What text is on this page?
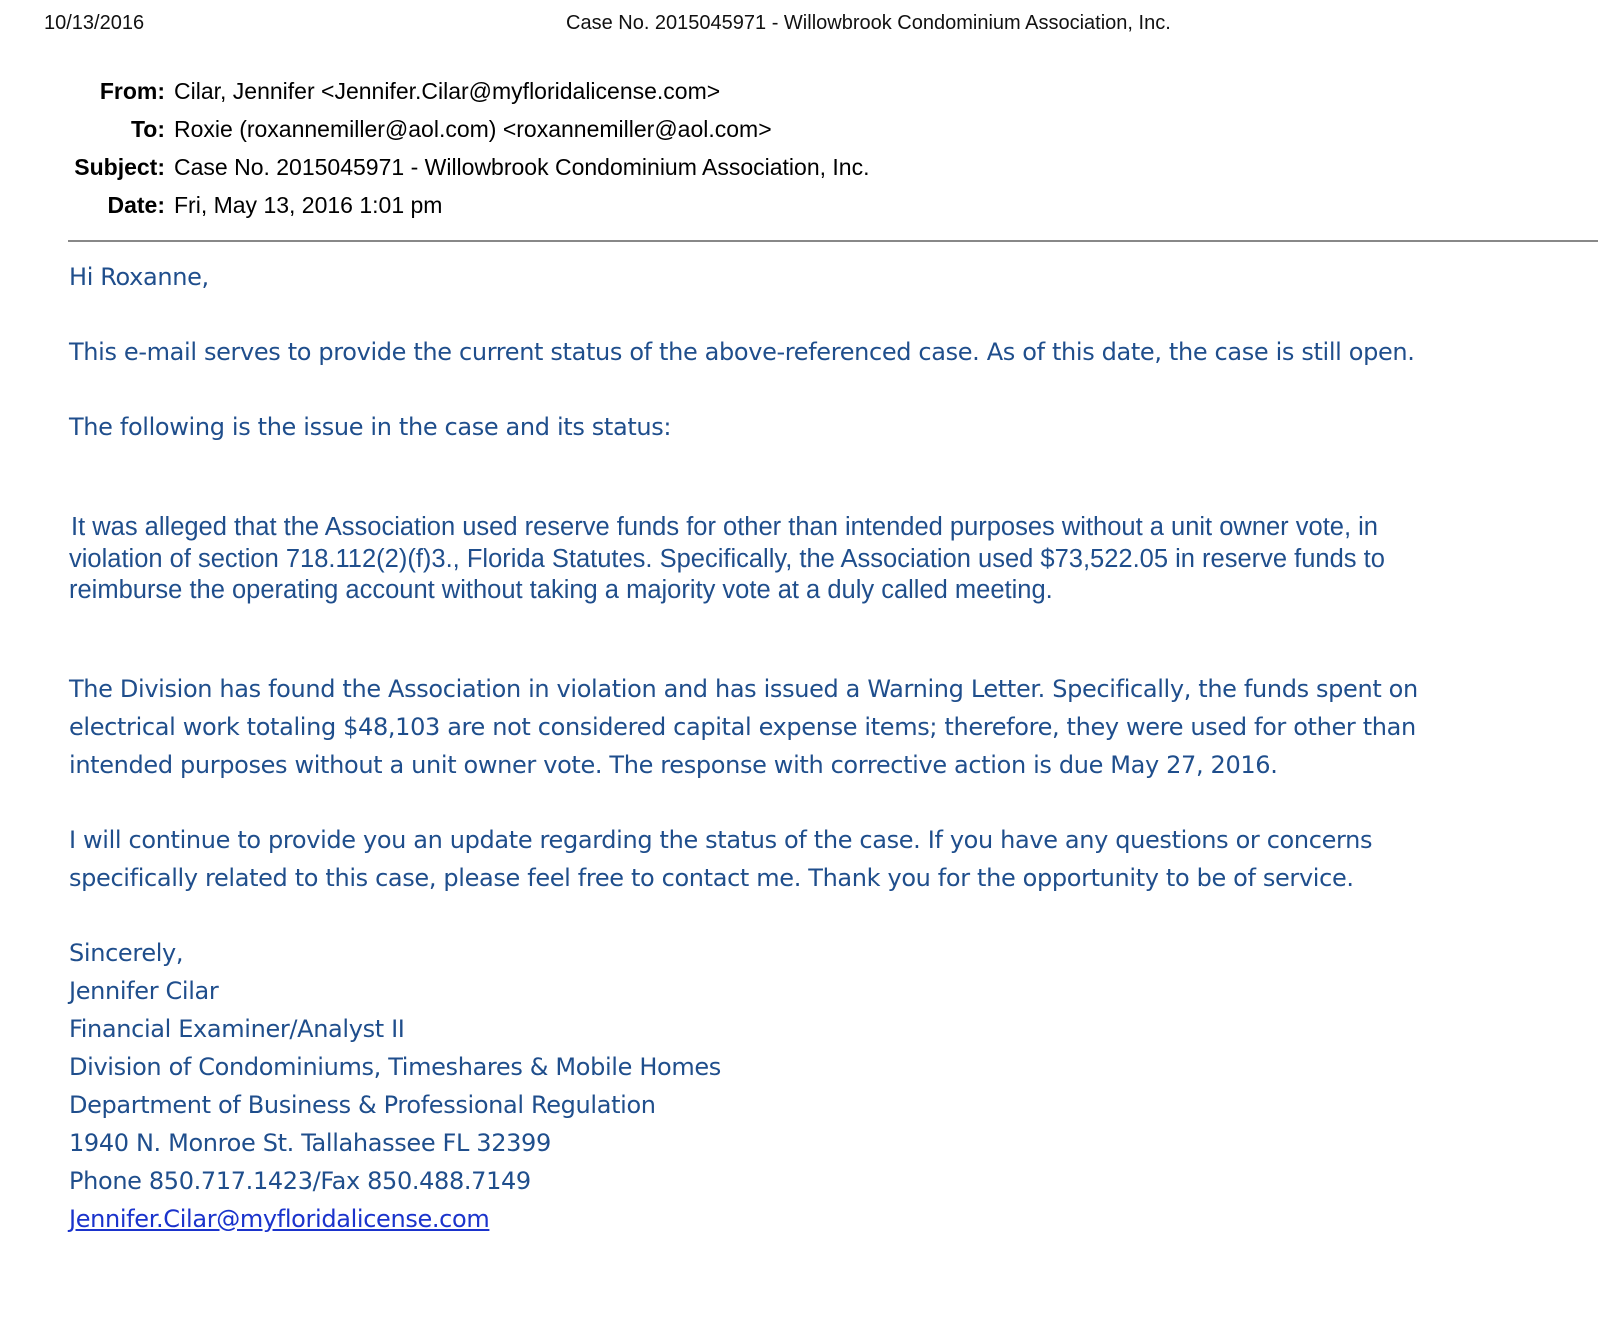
10/13/2016	Case No. 2015045971 - Willowbrook Condominium Association, Inc.
From: Cilar, Jennifer <Jennifer.Cilar@myfloridalicense.com>
To: Roxie (roxannemiller@aol.com) <roxannemiller@aol.com>
Subject: Case No. 2015045971 - Willowbrook Condominium Association, Inc.
Date: Fri, May 13, 2016 1:01 pm

Hi Roxanne,

This e-mail serves to provide the current status of the above-referenced case. As of this date, the case is still open.

The following is the issue in the case and its status:

It was alleged that the Association used reserve funds for other than intended purposes without a unit owner vote, in
violation of section 718.112(2)(f)3., Florida Statutes. Specifically, the Association used $73,522.05 in reserve funds to
reimburse the operating account without taking a majority vote at a duly called meeting.
The Division has found the Association in violation and has issued a Warning Letter. Specifically, the funds spent on
electrical work totaling $48,103 are not considered capital expense items; therefore, they were used for other than
intended purposes without a unit owner vote. The response with corrective action is due May 27, 2016.
I will continue to provide you an update regarding the status of the case. If you have any questions or concerns
specifically related to this case, please feel free to contact me. Thank you for the opportunity to be of service.
Sincerely,
Jennifer Cilar
Financial Examiner/Analyst II
Division of Condominiums, Timeshares & Mobile Homes
Department of Business & Professional Regulation
1940 N. Monroe St. Tallahassee FL 32399
Phone 850.717.1423/Fax 850.488.7149
Jennifer.Cilar@myfloridalicense.com
